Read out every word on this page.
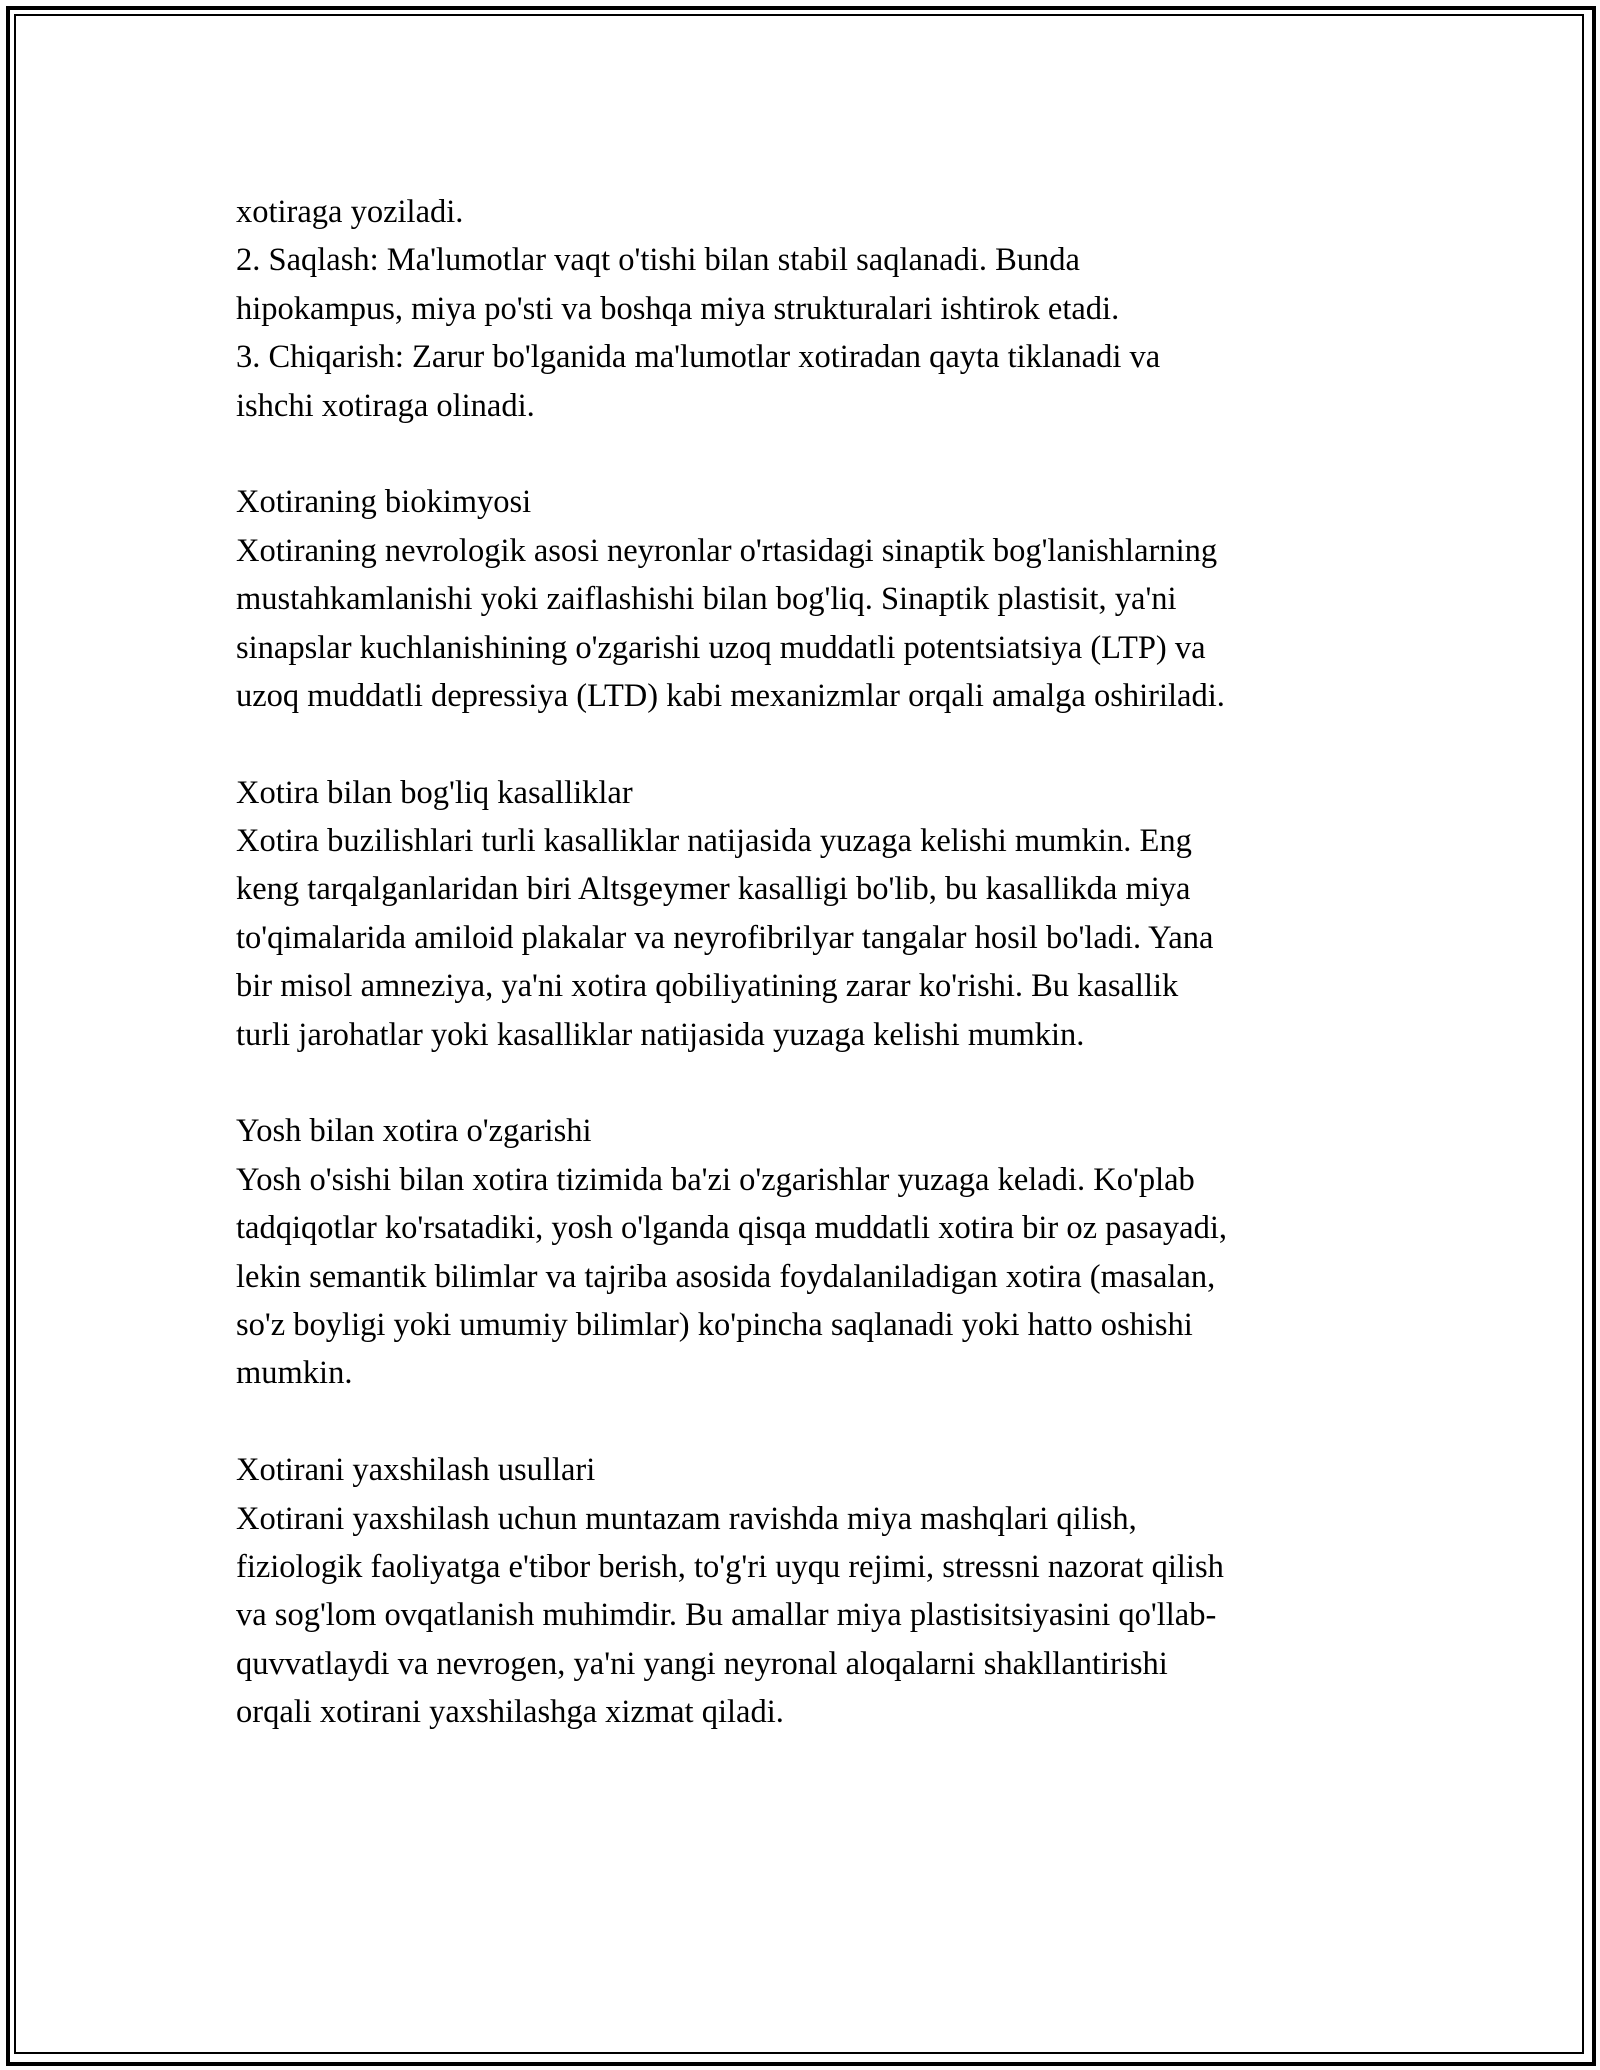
xotiraga yoziladi.
2. Saqlash: Ma'lumotlar vaqt o'tishi bilan stabil saqlanadi. Bunda
hipokampus, miya po'sti va boshqa miya strukturalari ishtirok etadi.
3. Chiqarish: Zarur bo'lganida ma'lumotlar xotiradan qayta tiklanadi va
ishchi xotiraga olinadi.
Xotiraning biokimyosi
Xotiraning nevrologik asosi neyronlar o'rtasidagi sinaptik bog'lanishlarning
mustahkamlanishi yoki zaiflashishi bilan bog'liq. Sinaptik plastisit, ya'ni
sinapslar kuchlanishining o'zgarishi uzoq muddatli potentsiatsiya (LTP) va
uzoq muddatli depressiya (LTD) kabi mexanizmlar orqali amalga oshiriladi.
Xotira bilan bog'liq kasalliklar
Xotira buzilishlari turli kasalliklar natijasida yuzaga kelishi mumkin. Eng
keng tarqalganlaridan biri Altsgeymer kasalligi bo'lib, bu kasallikda miya
to'qimalarida amiloid plakalar va neyrofibrilyar tangalar hosil bo'ladi. Yana
bir misol amneziya, ya'ni xotira qobiliyatining zarar ko'rishi. Bu kasallik
turli jarohatlar yoki kasalliklar natijasida yuzaga kelishi mumkin.
Yosh bilan xotira o'zgarishi
Yosh o'sishi bilan xotira tizimida ba'zi o'zgarishlar yuzaga keladi. Ko'plab
tadqiqotlar ko'rsatadiki, yosh o'lganda qisqa muddatli xotira bir oz pasayadi,
lekin semantik bilimlar va tajriba asosida foydalaniladigan xotira (masalan,
so'z boyligi yoki umumiy bilimlar) ko'pincha saqlanadi yoki hatto oshishi
mumkin.
Xotirani yaxshilash usullari
Xotirani yaxshilash uchun muntazam ravishda miya mashqlari qilish,
fiziologik faoliyatga e'tibor berish, to'g'ri uyqu rejimi, stressni nazorat qilish
va sog'lom ovqatlanish muhimdir. Bu amallar miya plastisitsiyasini qo'llab-
quvvatlaydi va nevrogen, ya'ni yangi neyronal aloqalarni shakllantirishi
orqali xotirani yaxshilashga xizmat qiladi.
